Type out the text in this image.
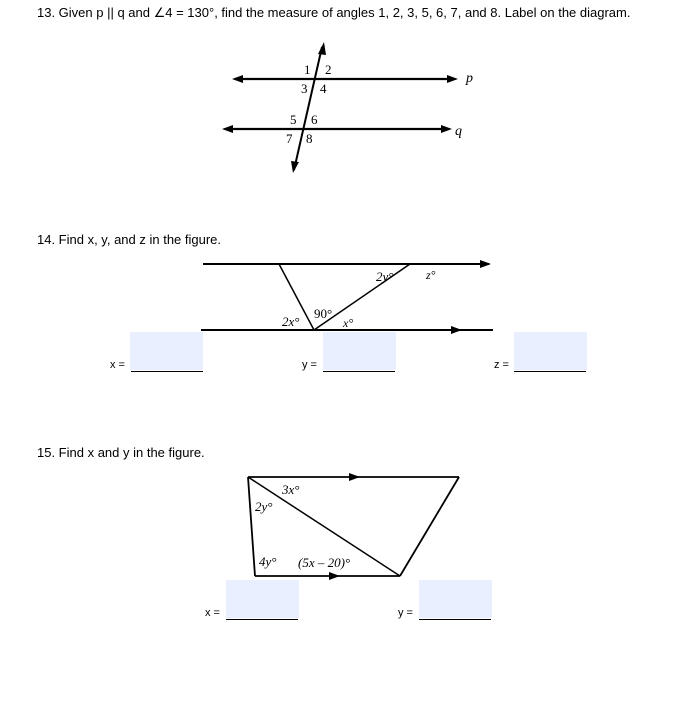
13. Given p || q and ∠4 = 130°, find the measure of angles 1, 2, 3, 5, 6, 7, and 8. Label on the diagram.
p
q
1 2
3 4
5 6
7 8
14. Find x, y, and z in the figure.
2y°	z°
2x°
90°
x°
x =	y =	z =
15. Find x and y in the figure.
3x°
2y°
4y° (5x – 20)°
x =	y =
